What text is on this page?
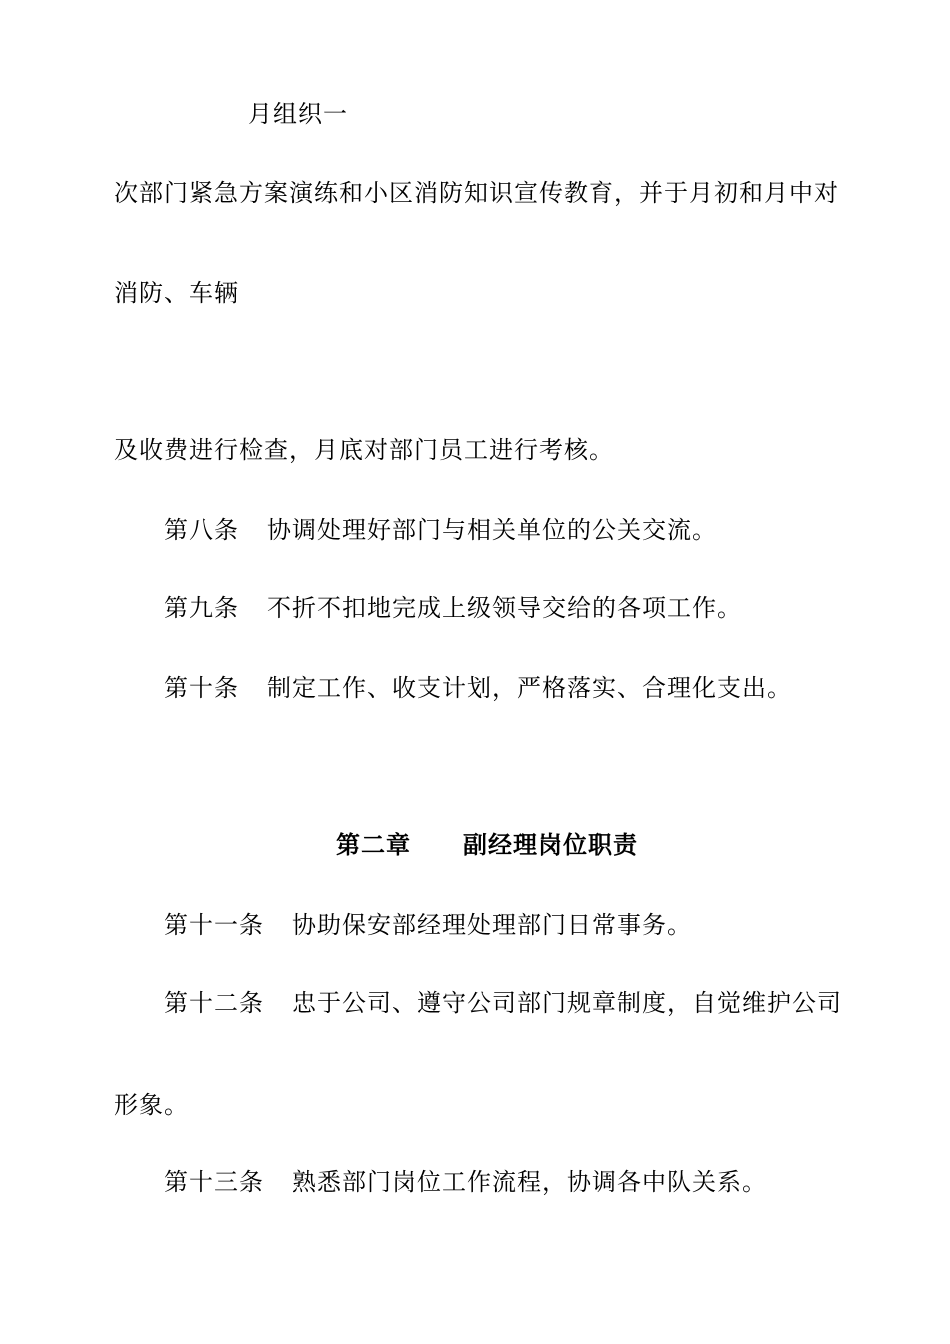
月组织一
次部门紧急方案演练和小区消防知识宣传教育，并于月初和月中对
消防、车辆
及收费进行检查，月底对部门员工进行考核。
第八条 协调处理好部门与相关单位的公关交流。
第九条 不折不扣地完成上级领导交给的各项工作。
第十条 制定工作、收支计划，严格落实、合理化支出。
第二章 副经理岗位职责
第十一条 协助保安部经理处理部门日常事务。
第十二条 忠于公司、遵守公司部门规章制度，自觉维护公司
形象。
第十三条 熟悉部门岗位工作流程，协调各中队关系。
